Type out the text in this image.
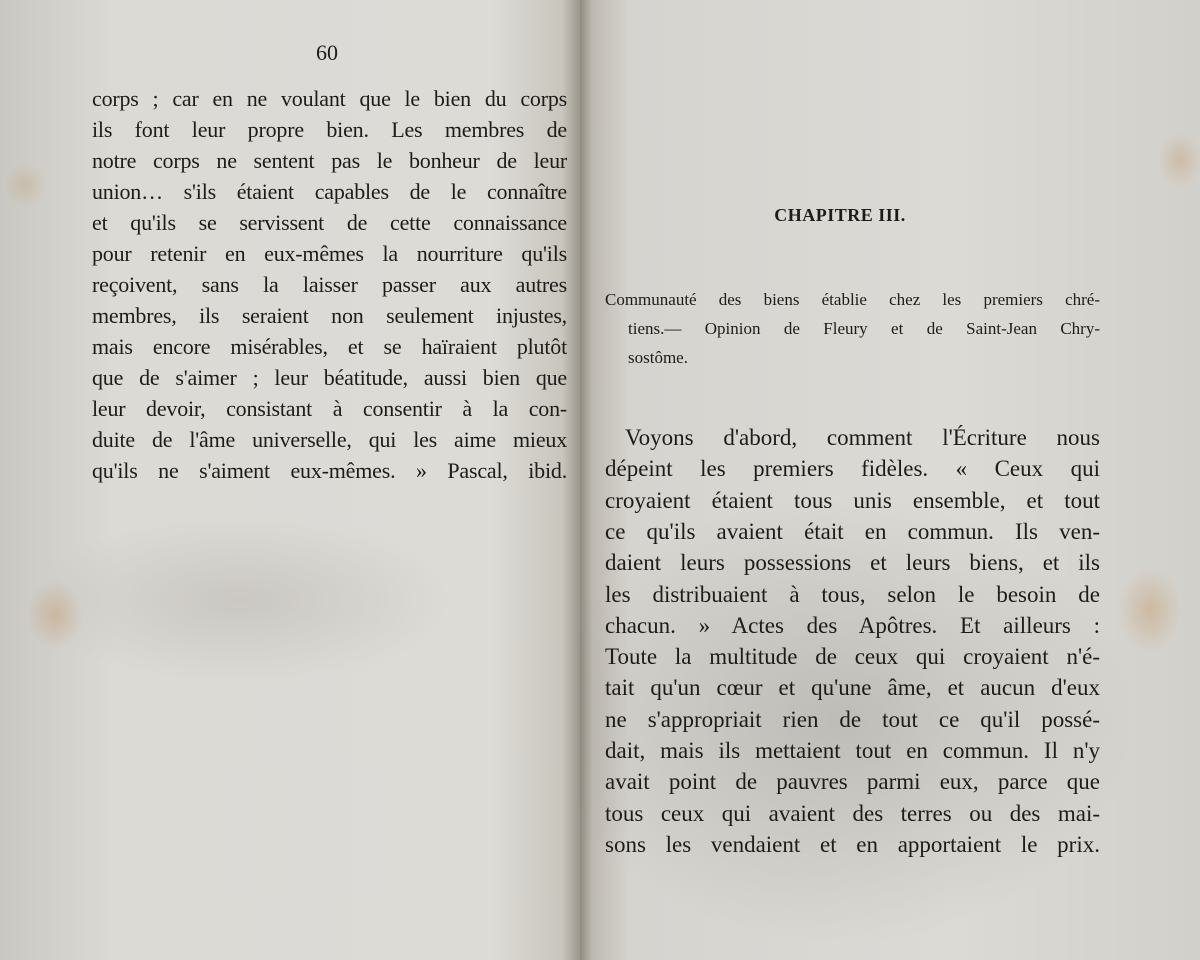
60
corps ; car en ne voulant que le bien du corps
ils font leur propre bien. Les membres de
notre corps ne sentent pas le bonheur de leur
union… s'ils étaient capables de le connaître
et qu'ils se servissent de cette connaissance
pour retenir en eux-mêmes la nourriture qu'ils
reçoivent, sans la laisser passer aux autres
membres, ils seraient non seulement injustes,
mais encore misérables, et se haïraient plutôt
que de s'aimer ; leur béatitude, aussi bien que
leur devoir, consistant à consentir à la con-
duite de l'âme universelle, qui les aime mieux
qu'ils ne s'aiment eux-mêmes. » Pascal, ibid.
CHAPITRE III.
Communauté des biens établie chez les premiers chré-
tiens.— Opinion de Fleury et de Saint-Jean Chry-
sostôme.
Voyons d'abord, comment l'Écriture nous
dépeint les premiers fidèles. « Ceux qui
croyaient étaient tous unis ensemble, et tout
ce qu'ils avaient était en commun. Ils ven-
daient leurs possessions et leurs biens, et ils
les distribuaient à tous, selon le besoin de
chacun. » Actes des Apôtres. Et ailleurs :
Toute la multitude de ceux qui croyaient n'é-
tait qu'un cœur et qu'une âme, et aucun d'eux
ne s'appropriait rien de tout ce qu'il possé-
dait, mais ils mettaient tout en commun. Il n'y
avait point de pauvres parmi eux, parce que
tous ceux qui avaient des terres ou des mai-
sons les vendaient et en apportaient le prix.
